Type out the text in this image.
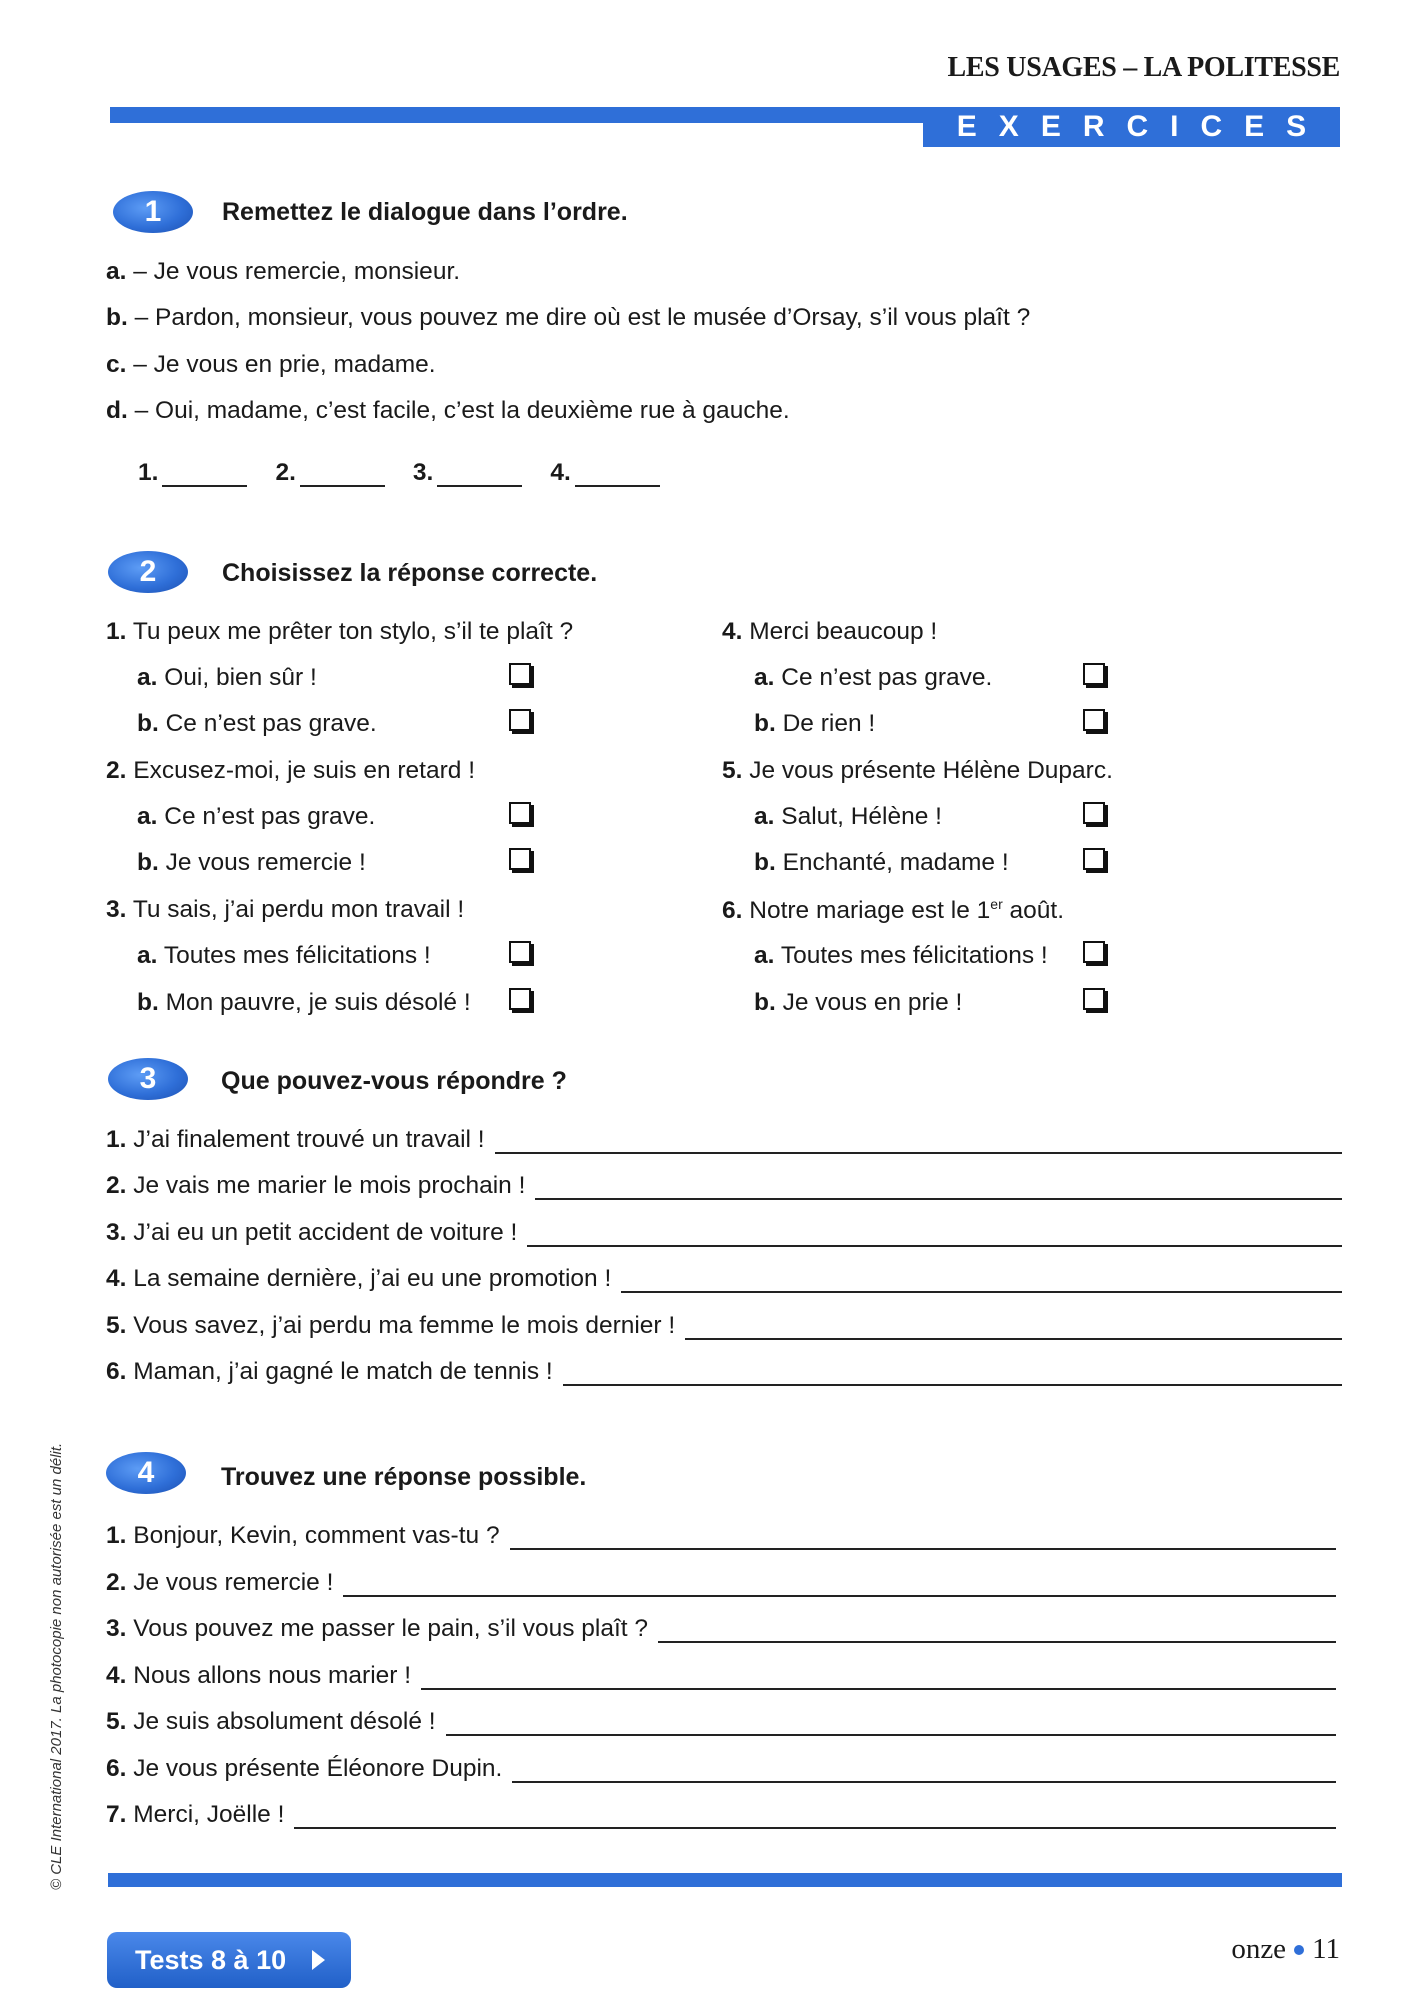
LES USAGES – LA POLITESSE
EXERCICES
1	Remettez le dialogue dans l’ordre.
a. – Je vous remercie, monsieur.
b. – Pardon, monsieur, vous pouvez me dire où est le musée d’Orsay, s’il vous plaît ?
c. – Je vous en prie, madame.
d. – Oui, madame, c’est facile, c’est la deuxième rue à gauche.
1.	2.	3.	4.
2	Choisissez la réponse correcte.
1. Tu peux me prêter ton stylo, s’il te plaît ?
a. Oui, bien sûr !
b. Ce n’est pas grave.
2. Excusez-moi, je suis en retard !
a. Ce n’est pas grave.
b. Je vous remercie !
3. Tu sais, j’ai perdu mon travail !
a. Toutes mes félicitations !
b. Mon pauvre, je suis désolé !
4. Merci beaucoup !
a. Ce n’est pas grave.
b. De rien !
5. Je vous présente Hélène Duparc.
a. Salut, Hélène !
b. Enchanté, madame !
6. Notre mariage est le 1er août.
a. Toutes mes félicitations !
b. Je vous en prie !
3	Que pouvez-vous répondre ?
1.
J’ai finalement trouvé un travail !
2.
Je vais me marier le mois prochain !
3.
J’ai eu un petit accident de voiture !
4.
La semaine dernière, j’ai eu une promotion !
5.
Vous savez, j’ai perdu ma femme le mois dernier !
6.
Maman, j’ai gagné le match de tennis !
4	Trouvez une réponse possible.
1.
Bonjour, Kevin, comment vas-tu ?
2.
Je vous remercie !
3.
Vous pouvez me passer le pain, s’il vous plaît ?
4.
Nous allons nous marier !
5.
Je suis absolument désolé !
6.
Je vous présente Éléonore Dupin.
7.
Merci, Joëlle !
Tests 8 à 10	onze 11
© CLE International 2017. La photocopie non autorisée est un délit.
